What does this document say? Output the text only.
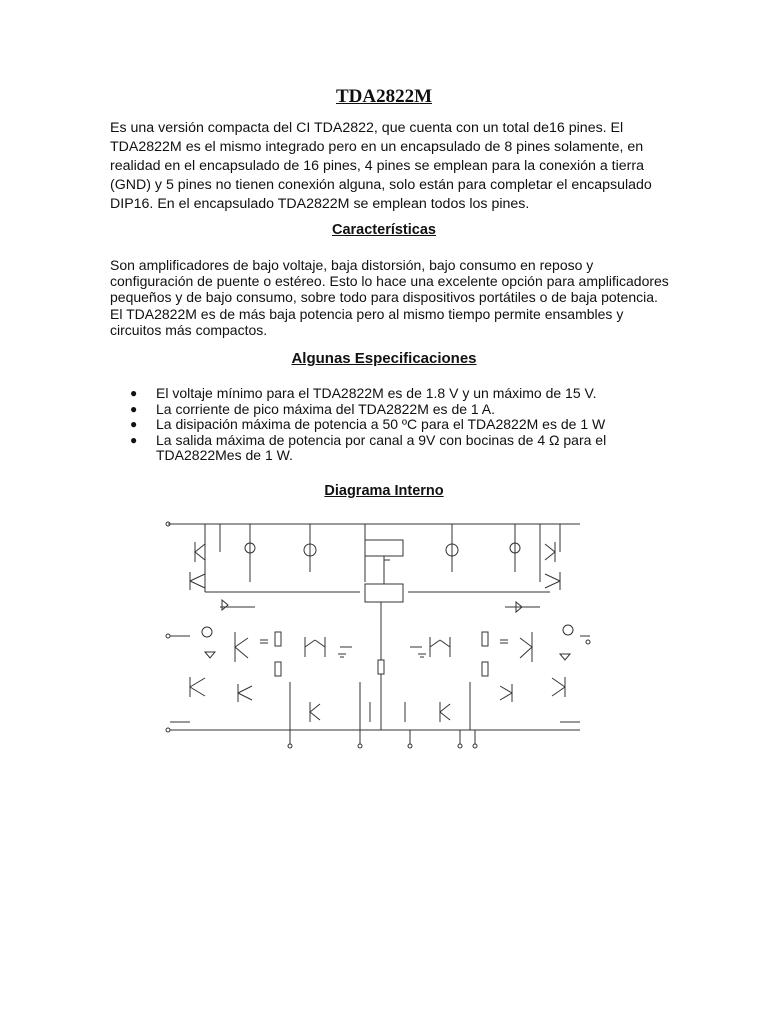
TDA2822M

Es una versión compacta del CI TDA2822, que cuenta con un total de16 pines. El TDA2822M es el mismo integrado pero en un encapsulado de 8 pines solamente, en realidad en el encapsulado de 16 pines, 4 pines se emplean para la conexión a tierra (GND) y 5 pines no tienen conexión alguna, solo están para completar el encapsulado DIP16. En el encapsulado TDA2822M se emplean todos los pines.

Características

Son amplificadores de bajo voltaje, baja distorsión, bajo consumo en reposo y configuración de puente o estéreo. Esto lo hace una excelente opción para amplificadores pequeños y de bajo consumo, sobre todo para dispositivos portátiles o de baja potencia. El TDA2822M es de más baja potencia pero al mismo tiempo permite ensambles y circuitos más compactos.

Algunas Especificaciones
● El voltaje mínimo para el TDA2822M es de 1.8 V y un máximo de 15 V.
● La corriente de pico máxima del TDA2822M es de 1 A.
● La disipación máxima de potencia a 50 ºC para el TDA2822M es de 1 W
● La salida máxima de potencia por canal a 9V con bocinas de 4 Ω para el TDA2822Mes de 1 W.
Diagrama Interno
